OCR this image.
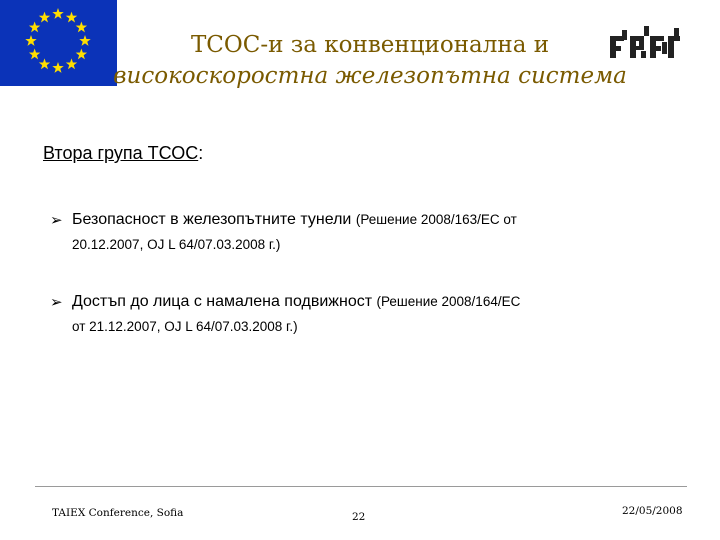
ТСОС-и за конвенционална и
високоскоростна железопътна система
Втора група ТСОС:
➢ Безопасност в железопътните тунели (Решение 2008/163/ЕС от
20.12.2007, OJ L 64/07.03.2008 г.)
➢ Достъп до лица с намалена подвижност (Решение 2008/164/ЕС
от 21.12.2007, OJ L 64/07.03.2008 г.)
TAIEX Conference, Sofia	22	22/05/2008
